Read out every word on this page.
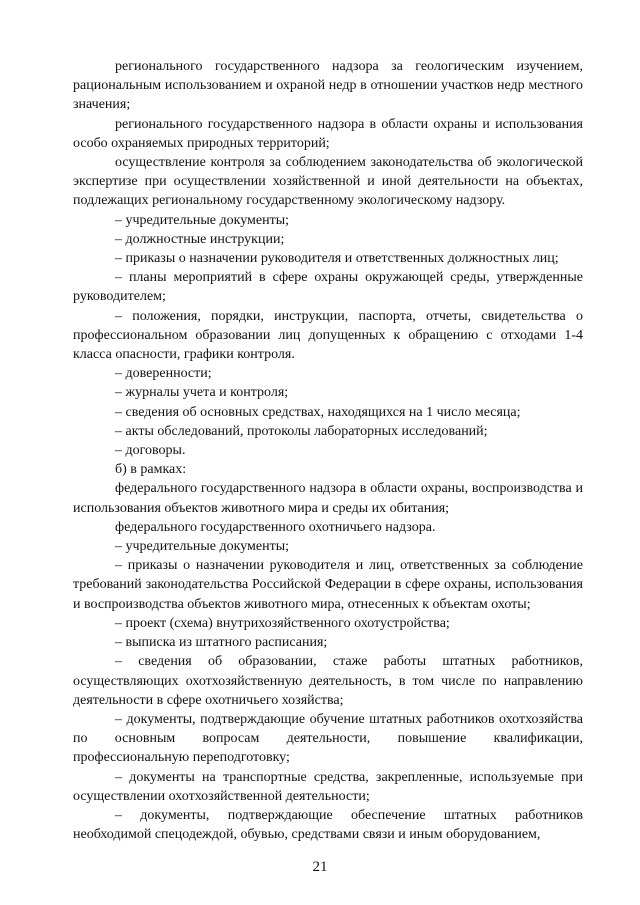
регионального государственного надзора за геологическим изучением, рациональным использованием и охраной недр в отношении участков недр местного значения;

регионального государственного надзора в области охраны и использования особо охраняемых природных территорий;

осуществление контроля за соблюдением законодательства об экологической экспертизе при осуществлении хозяйственной и иной деятельности на объектах, подлежащих региональному государственному экологическому надзору.

– учредительные документы;

– должностные инструкции;

– приказы о назначении руководителя и ответственных должностных лиц;

– планы мероприятий в сфере охраны окружающей среды, утвержденные руководителем;

– положения, порядки, инструкции, паспорта, отчеты, свидетельства о профессиональном образовании лиц допущенных к обращению с отходами 1-4 класса опасности, графики контроля.

– доверенности;

– журналы учета и контроля;

– сведения об основных средствах, находящихся на 1 число месяца;

– акты обследований, протоколы лабораторных исследований;

– договоры.

б) в рамках:

федерального государственного надзора в области охраны, воспроизводства и использования объектов животного мира и среды их обитания;

федерального государственного охотничьего надзора.

– учредительные документы;

– приказы о назначении руководителя и лиц, ответственных за соблюдение требований законодательства Российской Федерации в сфере охраны, использования и воспроизводства объектов животного мира, отнесенных к объектам охоты;

– проект (схема) внутрихозяйственного охотустройства;

– выписка из штатного расписания;

– сведения об образовании, стаже работы штатных работников, осуществляющих охотхозяйственную деятельность, в том числе по направлению деятельности в сфере охотничьего хозяйства;

– документы, подтверждающие обучение штатных работников охотхозяйства по основным вопросам деятельности, повышение квалификации, профессиональную переподготовку;

– документы на транспортные средства, закрепленные, используемые при осуществлении охотхозяйственной деятельности;

– документы, подтверждающие обеспечение штатных работников необходимой спецодеждой, обувью, средствами связи и иным оборудованием,

21
